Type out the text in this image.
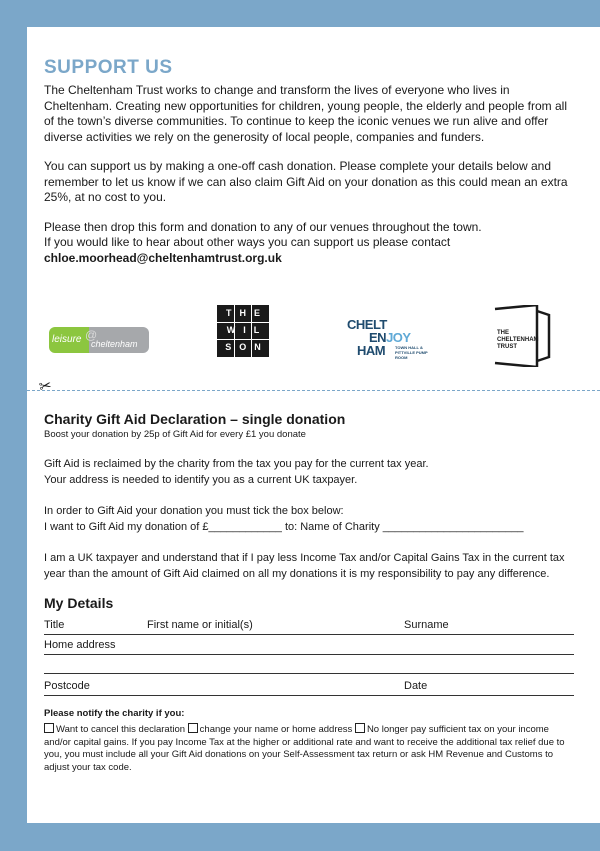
SUPPORT US

The Cheltenham Trust works to change and transform the lives of everyone who lives in Cheltenham. Creating new opportunities for children, young people, the elderly and people from all of the town’s diverse communities. To continue to keep the iconic venues we run alive and offer diverse activities we rely on the generosity of local people, companies and funders.

You can support us by making a one-off cash donation. Please complete your details below and remember to let us know if we can also claim Gift Aid on your donation as this could mean an extra 25%, at no cost to you.

Please then drop this form and donation to any of our venues throughout the town.

If you would like to hear about other ways you can support us please contact

chloe.moorhead@cheltenhamtrust.org.uk
leisure @
cheltenham
THE
WIL
SON
CHELT
ENJOY
HAM TOWN HALL & PITTVILLE PUMP ROOM
THE
CHELTENHAM
TRUST
✂
Charity Gift Aid Declaration – single donation
Boost your donation by 25p of Gift Aid for every £1 you donate
Gift Aid is reclaimed by the charity from the tax you pay for the current tax year.
Your address is needed to identify you as a current UK taxpayer.
In order to Gift Aid your donation you must tick the box below:
I want to Gift Aid my donation of £____________ to: Name of Charity _______________________

I am a UK taxpayer and understand that if I pay less Income Tax and/or Capital Gains Tax in the current tax year than the amount of Gift Aid claimed on all my donations it is my responsibility to pay any difference.

My Details
Title	First name or initial(s)	Surname
Home address
Postcode	Date
Please notify the charity if you:
Want to cancel this declaration change your name or home address No longer pay sufficient tax on your income and/or capital gains. If you pay Income Tax at the higher or additional rate and want to receive the additional tax relief due to you, you must include all your Gift Aid donations on your Self-Assessment tax return or ask HM Revenue and Customs to adjust your tax code.
